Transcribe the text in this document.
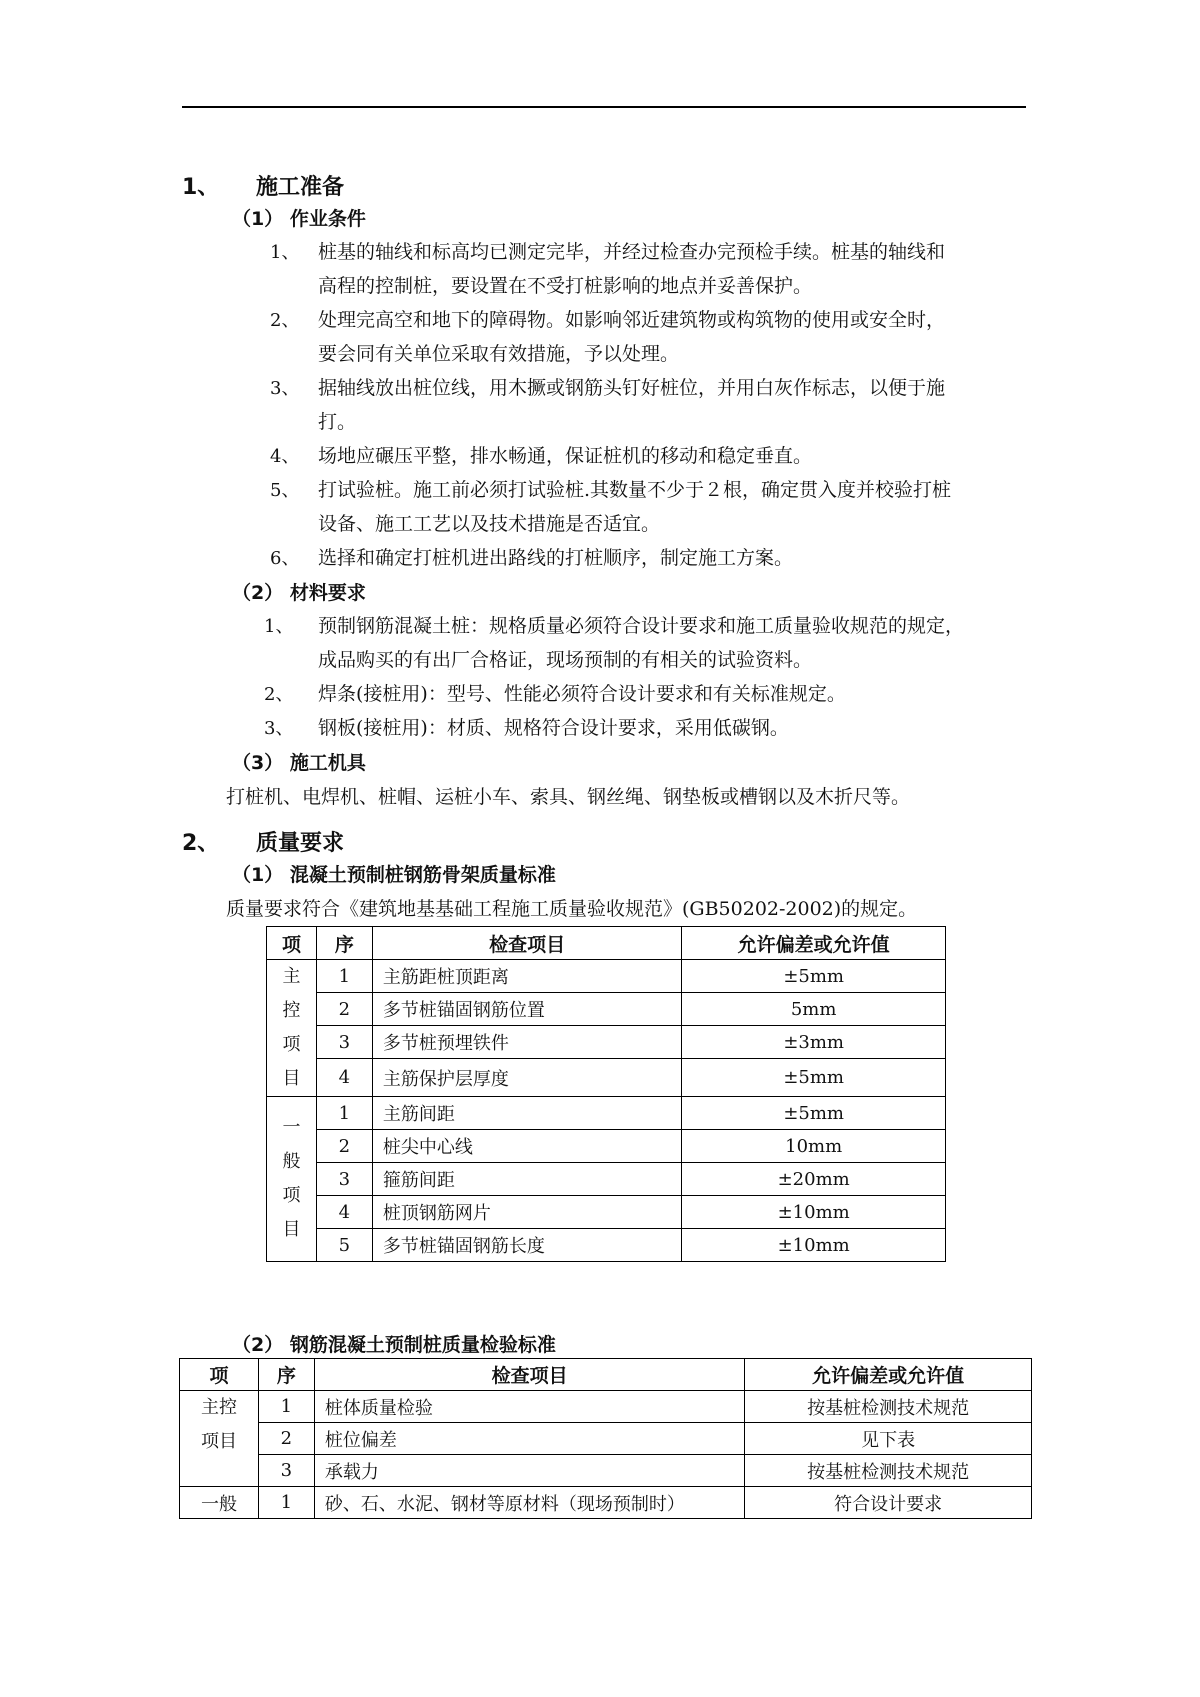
1、 施工准备
（1） 作业条件
1、 桩基的轴线和标高均已测定完毕，并经过检查办完预检手续。桩基的轴线和
高程的控制桩，要设置在不受打桩影响的地点并妥善保护。
2、 处理完高空和地下的障碍物。如影响邻近建筑物或构筑物的使用或安全时，
要会同有关单位采取有效措施，予以处理。
3、 据轴线放出桩位线，用木撅或钢筋头钉好桩位，并用白灰作标志，以便于施
打。
4、 场地应碾压平整，排水畅通，保证桩机的移动和稳定垂直。
5、 打试验桩。施工前必须打试验桩.其数量不少于２根，确定贯入度并校验打桩
设备、施工工艺以及技术措施是否适宜。
6、 选择和确定打桩机进出路线的打桩顺序，制定施工方案。
（2） 材料要求
1、 预制钢筋混凝土桩：规格质量必须符合设计要求和施工质量验收规范的规定，
成品购买的有出厂合格证，现场预制的有相关的试验资料。
2、 焊条(接桩用)：型号、性能必须符合设计要求和有关标准规定。
3、 钢板(接桩用)：材质、规格符合设计要求，采用低碳钢。
（3） 施工机具
打桩机、电焊机、桩帽、运桩小车、索具、钢丝绳、钢垫板或槽钢以及木折尺等。
2、 质量要求
（1） 混凝土预制桩钢筋骨架质量标准
质量要求符合《建筑地基基础工程施工质量验收规范》(GB50202-2002)的规定。
项	序	检查项目	允许偏差或允许值

主
控
项
目	1	主筋距桩顶距离	±5mm
	2	多节桩锚固钢筋位置	5mm
	3	多节桩预埋铁件	±3mm
	4	主筋保护层厚度	±5mm

一
般
项
目	1	主筋间距	±5mm
	2	桩尖中心线	10mm
	3	箍筋间距	±20mm
	4	桩顶钢筋网片	±10mm
	5	多节桩锚固钢筋长度	±10mm
（2） 钢筋混凝土预制桩质量检验标准
项	序	检查项目	允许偏差或允许值

主控
项目	1	桩体质量检验	按基桩检测技术规范
	2	桩位偏差	见下表
	3	承载力	按基桩检测技术规范
一般	1	砂、石、水泥、钢材等原材料（现场预制时）	符合设计要求
